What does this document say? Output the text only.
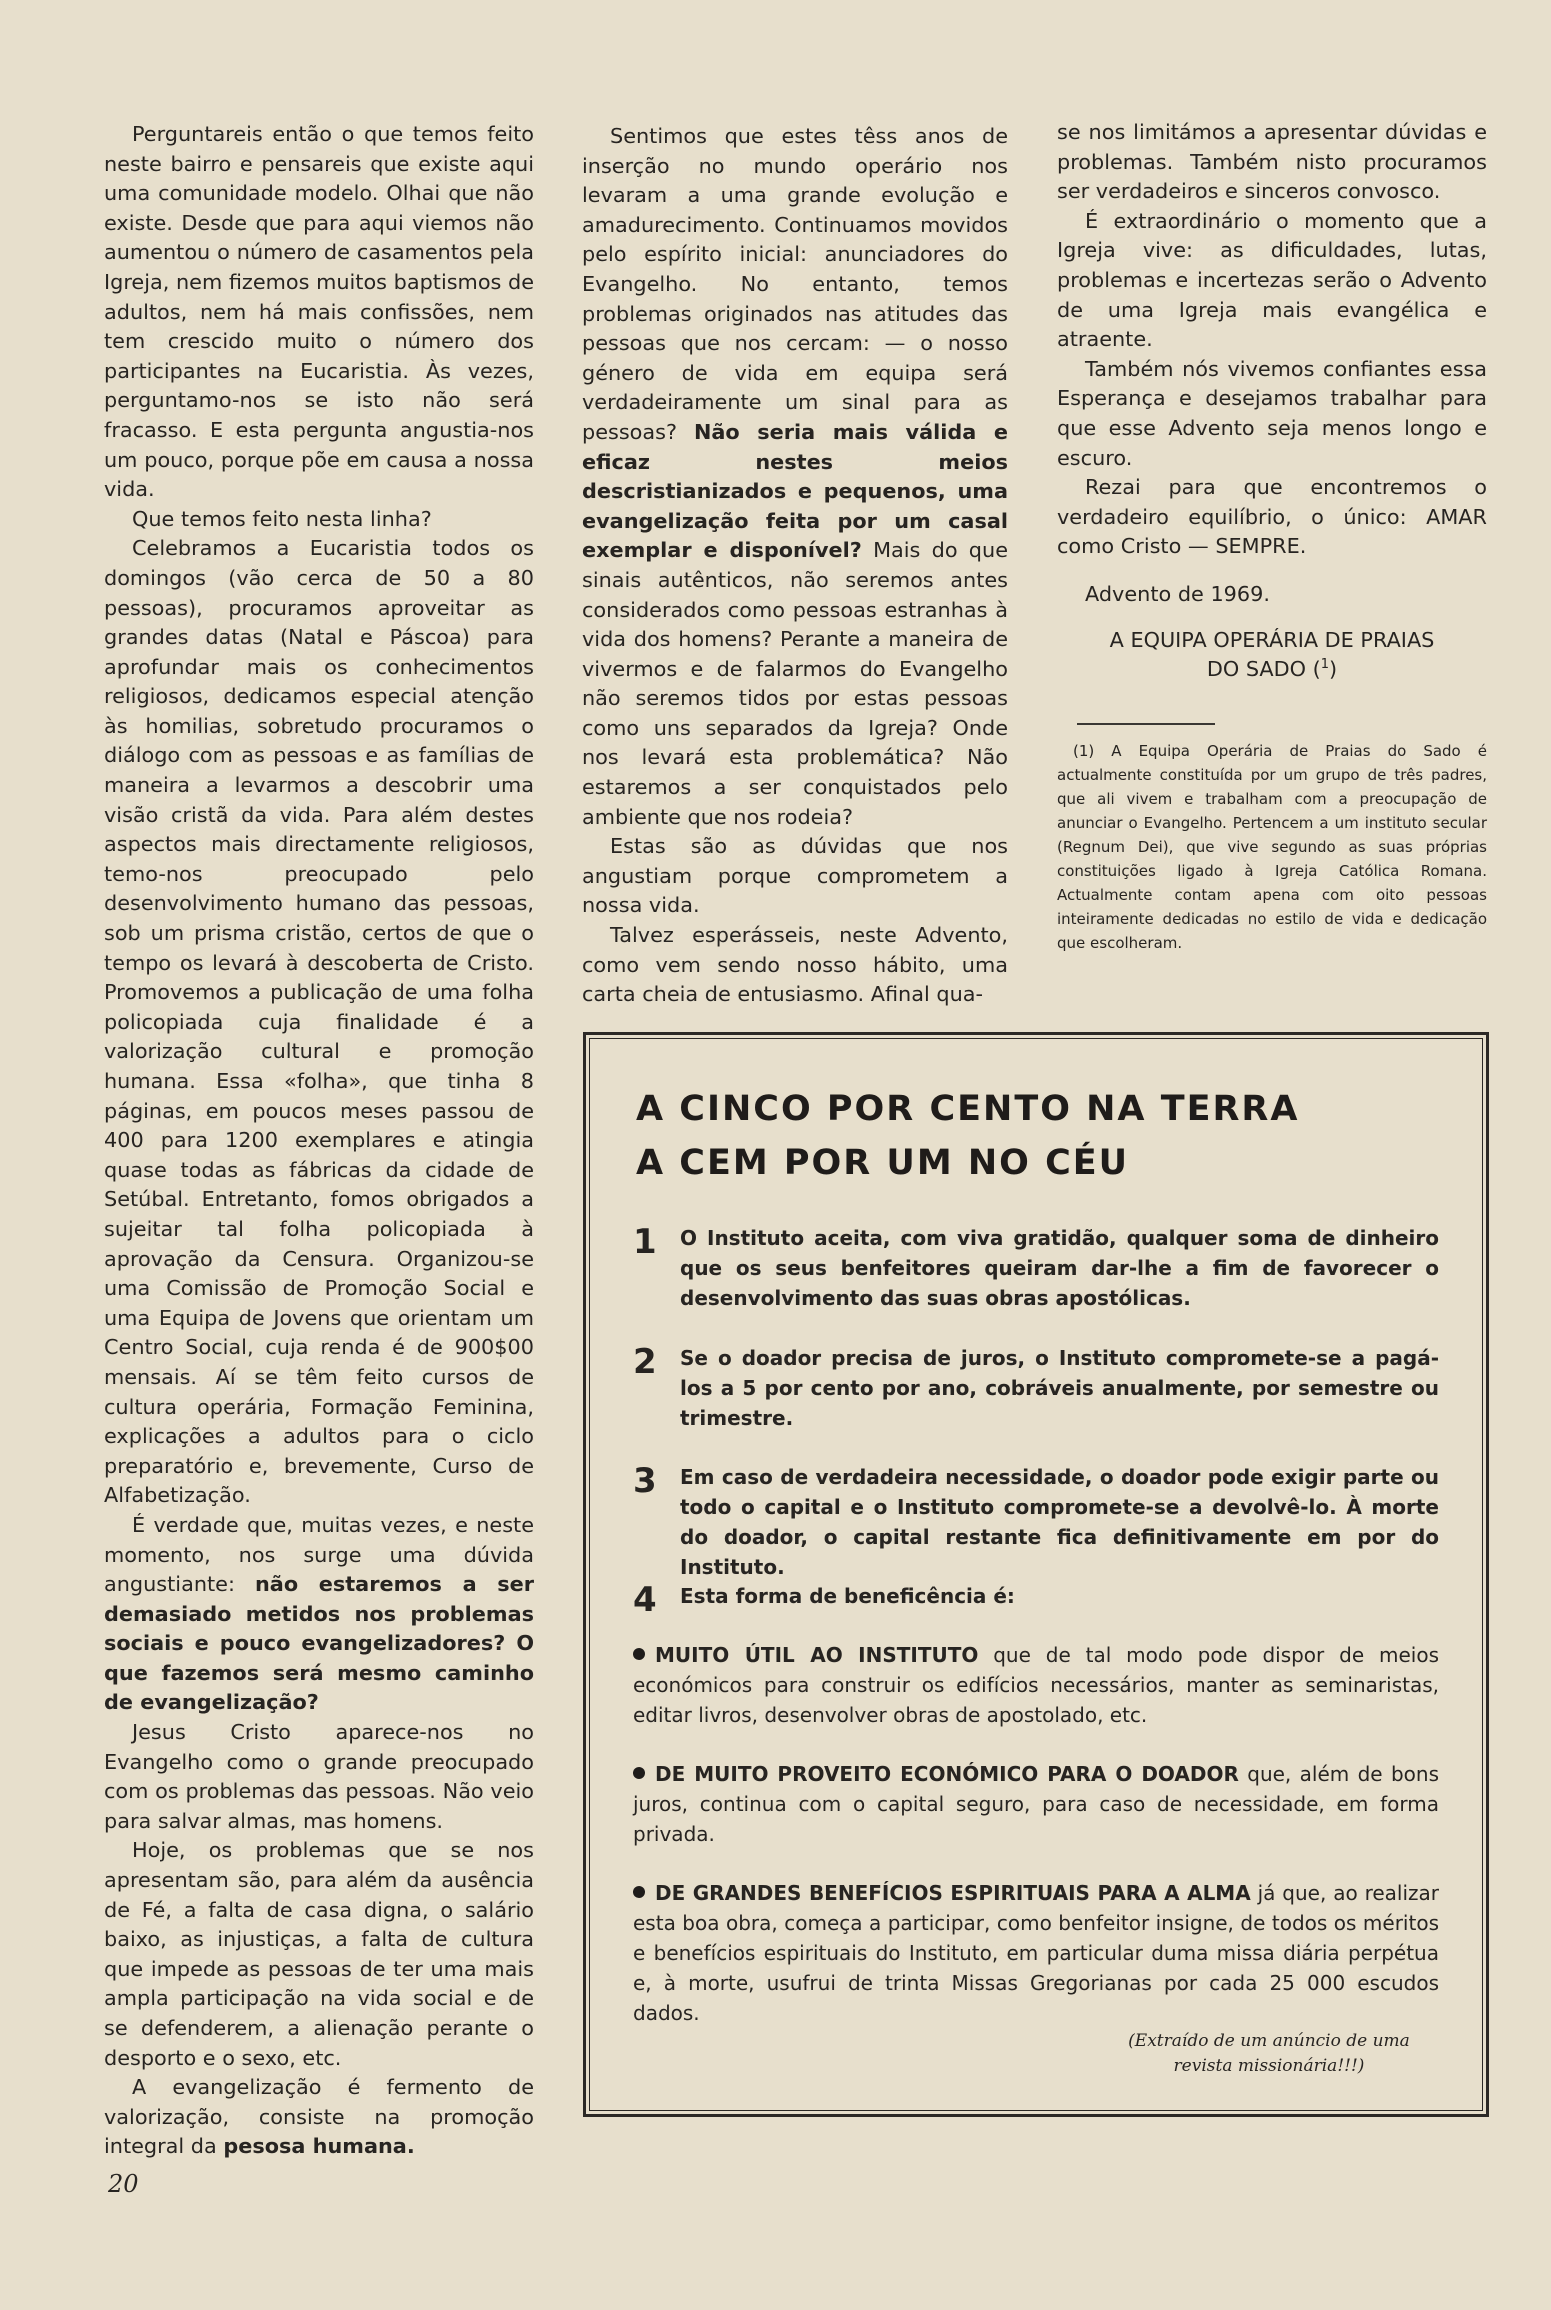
Perguntareis então o que temos feito neste bairro e pensareis que existe aqui uma comunidade modelo. Olhai que não existe. Desde que para aqui viemos não aumentou o número de casamentos pela Igreja, nem fizemos muitos baptismos de adultos, nem há mais confissões, nem tem crescido muito o número dos participantes na Eucaristia. Às vezes, perguntamo-nos se isto não será fracasso. E esta pergunta angustia-nos um pouco, porque põe em causa a nossa vida.

Que temos feito nesta linha?

Celebramos a Eucaristia todos os domingos (vão cerca de 50 a 80 pessoas), procuramos aproveitar as grandes datas (Natal e Páscoa) para aprofundar mais os conhecimentos religiosos, dedicamos especial atenção às homilias, sobretudo procuramos o diálogo com as pessoas e as famílias de maneira a levarmos a descobrir uma visão cristã da vida. Para além destes aspectos mais directamente religiosos, temo-nos preocupado pelo desenvolvimento humano das pessoas, sob um prisma cristão, certos de que o tempo os levará à descoberta de Cristo. Promovemos a publicação de uma folha policopiada cuja finalidade é a valorização cultural e promoção humana. Essa «folha», que tinha 8 páginas, em poucos meses passou de 400 para 1200 exemplares e atingia quase todas as fábricas da cidade de Setúbal. Entretanto, fomos obrigados a sujeitar tal folha policopiada à aprovação da Censura. Organizou-se uma Comissão de Promoção Social e uma Equipa de Jovens que orientam um Centro Social, cuja renda é de 900$00 mensais. Aí se têm feito cursos de cultura operária, Formação Feminina, explicações a adultos para o ciclo preparatório e, brevemente, Curso de Alfabetização.

É verdade que, muitas vezes, e neste momento, nos surge uma dúvida angustiante: não estaremos a ser demasiado metidos nos problemas sociais e pouco evangelizadores? O que fazemos será mesmo caminho de evangelização?

Jesus Cristo aparece-nos no Evangelho como o grande preocupado com os problemas das pessoas. Não veio para salvar almas, mas homens.

Hoje, os problemas que se nos apresentam são, para além da ausência de Fé, a falta de casa digna, o salário baixo, as injustiças, a falta de cultura que impede as pessoas de ter uma mais ampla participação na vida social e de se defenderem, a alienação perante o desporto e o sexo, etc.

A evangelização é fermento de valorização, consiste na promoção integral da pesosa humana.

Sentimos que estes têss anos de inserção no mundo operário nos levaram a uma grande evolução e amadurecimento. Continuamos movidos pelo espírito inicial: anunciadores do Evangelho. No entanto, temos problemas originados nas atitudes das pessoas que nos cercam: — o nosso género de vida em equipa será verdadeiramente um sinal para as pessoas? Não seria mais válida e eficaz nestes meios descristianizados e pequenos, uma evangelização feita por um casal exemplar e disponível? Mais do que sinais autênticos, não seremos antes considerados como pessoas estranhas à vida dos homens? Perante a maneira de vivermos e de falarmos do Evangelho não seremos tidos por estas pessoas como uns separados da Igreja? Onde nos levará esta problemática? Não estaremos a ser conquistados pelo ambiente que nos rodeia?

Estas são as dúvidas que nos angustiam porque comprometem a nossa vida.

Talvez esperásseis, neste Advento, como vem sendo nosso hábito, uma carta cheia de entusiasmo. Afinal qua-

se nos limitámos a apresentar dúvidas e problemas. Também nisto procuramos ser verdadeiros e sinceros convosco.

É extraordinário o momento que a Igreja vive: as dificuldades, lutas, problemas e incertezas serão o Advento de uma Igreja mais evangélica e atraente.

Também nós vivemos confiantes essa Esperança e desejamos trabalhar para que esse Advento seja menos longo e escuro.

Rezai para que encontremos o verdadeiro equilíbrio, o único: AMAR como Cristo — SEMPRE.

Advento de 1969.

A EQUIPA OPERÁRIA DE PRAIAS
DO SADO ($^1$)

(1) A Equipa Operária de Praias do Sado é actualmente constituída por um grupo de três padres, que ali vivem e trabalham com a preocupação de anunciar o Evangelho. Pertencem a um instituto secular (Regnum Dei), que vive segundo as suas próprias constituições ligado à Igreja Católica Romana. Actualmente contam apena com oito pessoas inteiramente dedicadas no estilo de vida e dedicação que escolheram.

A CINCO POR CENTO NA TERRA
A CEM POR UM NO CÉU
1 O Instituto aceita, com viva gratidão, qualquer soma de dinheiro que os seus benfeitores queiram dar-lhe a fim de favorecer o desenvolvimento das suas obras apostólicas.
2 Se o doador precisa de juros, o Instituto compromete-se a pagá-los a 5 por cento por ano, cobráveis anualmente, por semestre ou trimestre.
3 Em caso de verdadeira necessidade, o doador pode exigir parte ou todo o capital e o Instituto compromete-se a devolvê-lo. À morte do doador, o capital restante fica definitivamente em por do Instituto.
4 Esta forma de beneficência é:
MUITO ÚTIL AO INSTITUTO que de tal modo pode dispor de meios económicos para construir os edifícios necessários, manter as seminaristas, editar livros, desenvolver obras de apostolado, etc.
DE MUITO PROVEITO ECONÓMICO PARA O DOADOR que, além de bons juros, continua com o capital seguro, para caso de necessidade, em forma privada.
DE GRANDES BENEFÍCIOS ESPIRITUAIS PARA A ALMA já que, ao realizar esta boa obra, começa a participar, como benfeitor insigne, de todos os méritos e benefícios espirituais do Instituto, em particular duma missa diária perpétua e, à morte, usufrui de trinta Missas Gregorianas por cada 25 000 escudos dados.
(Extraído de um anúncio de uma
revista missionária!!!)
20
